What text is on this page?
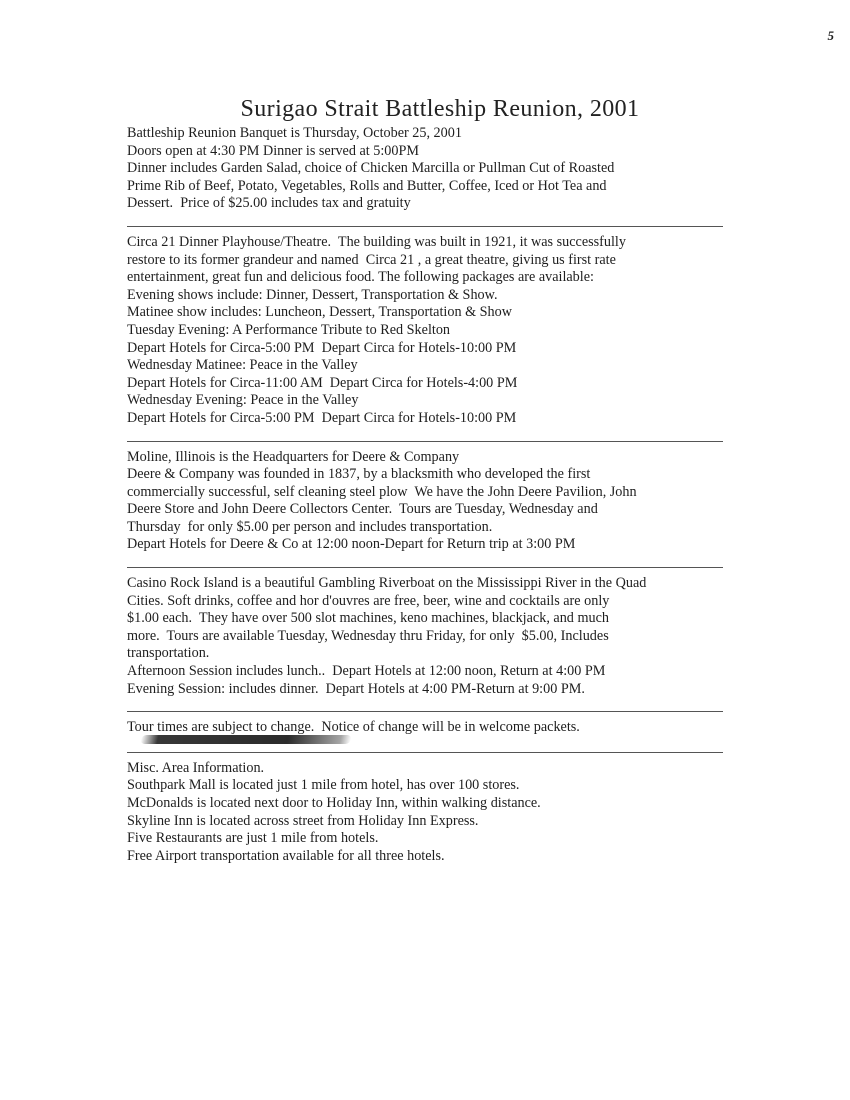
5
Surigao Strait Battleship Reunion, 2001

Battleship Reunion Banquet is Thursday, October 25, 2001

Doors open at 4:30 PM Dinner is served at 5:00PM

Dinner includes Garden Salad, choice of Chicken Marcilla or Pullman Cut of Roasted

Prime Rib of Beef, Potato, Vegetables, Rolls and Butter, Coffee, Iced or Hot Tea and

Dessert.  Price of $25.00 includes tax and gratuity

Circa 21 Dinner Playhouse/Theatre.  The building was built in 1921, it was successfully

restore to its former grandeur and named  Circa 21 , a great theatre, giving us first rate

entertainment, great fun and delicious food. The following packages are available:

Evening shows include: Dinner, Dessert, Transportation & Show.

Matinee show includes: Luncheon, Dessert, Transportation & Show

Tuesday Evening: A Performance Tribute to Red Skelton

Depart Hotels for Circa-5:00 PM  Depart Circa for Hotels-10:00 PM

Wednesday Matinee: Peace in the Valley

Depart Hotels for Circa-11:00 AM  Depart Circa for Hotels-4:00 PM

Wednesday Evening: Peace in the Valley

Depart Hotels for Circa-5:00 PM  Depart Circa for Hotels-10:00 PM

Moline, Illinois is the Headquarters for Deere & Company

Deere & Company was founded in 1837, by a blacksmith who developed the first

commercially successful, self cleaning steel plow  We have the John Deere Pavilion, John

Deere Store and John Deere Collectors Center.  Tours are Tuesday, Wednesday and

Thursday  for only $5.00 per person and includes transportation.

Depart Hotels for Deere & Co at 12:00 noon-Depart for Return trip at 3:00 PM

Casino Rock Island is a beautiful Gambling Riverboat on the Mississippi River in the Quad

Cities. Soft drinks, coffee and hor d'ouvres are free, beer, wine and cocktails are only

$1.00 each.  They have over 500 slot machines, keno machines, blackjack, and much

more.  Tours are available Tuesday, Wednesday thru Friday, for only  $5.00, Includes

transportation.

Afternoon Session includes lunch..  Depart Hotels at 12:00 noon, Return at 4:00 PM

Evening Session: includes dinner.  Depart Hotels at 4:00 PM-Return at 9:00 PM.

Tour times are subject to change.  Notice of change will be in welcome packets.

Misc. Area Information.

Southpark Mall is located just 1 mile from hotel, has over 100 stores.

McDonalds is located next door to Holiday Inn, within walking distance.

Skyline Inn is located across street from Holiday Inn Express.

Five Restaurants are just 1 mile from hotels.

Free Airport transportation available for all three hotels.
